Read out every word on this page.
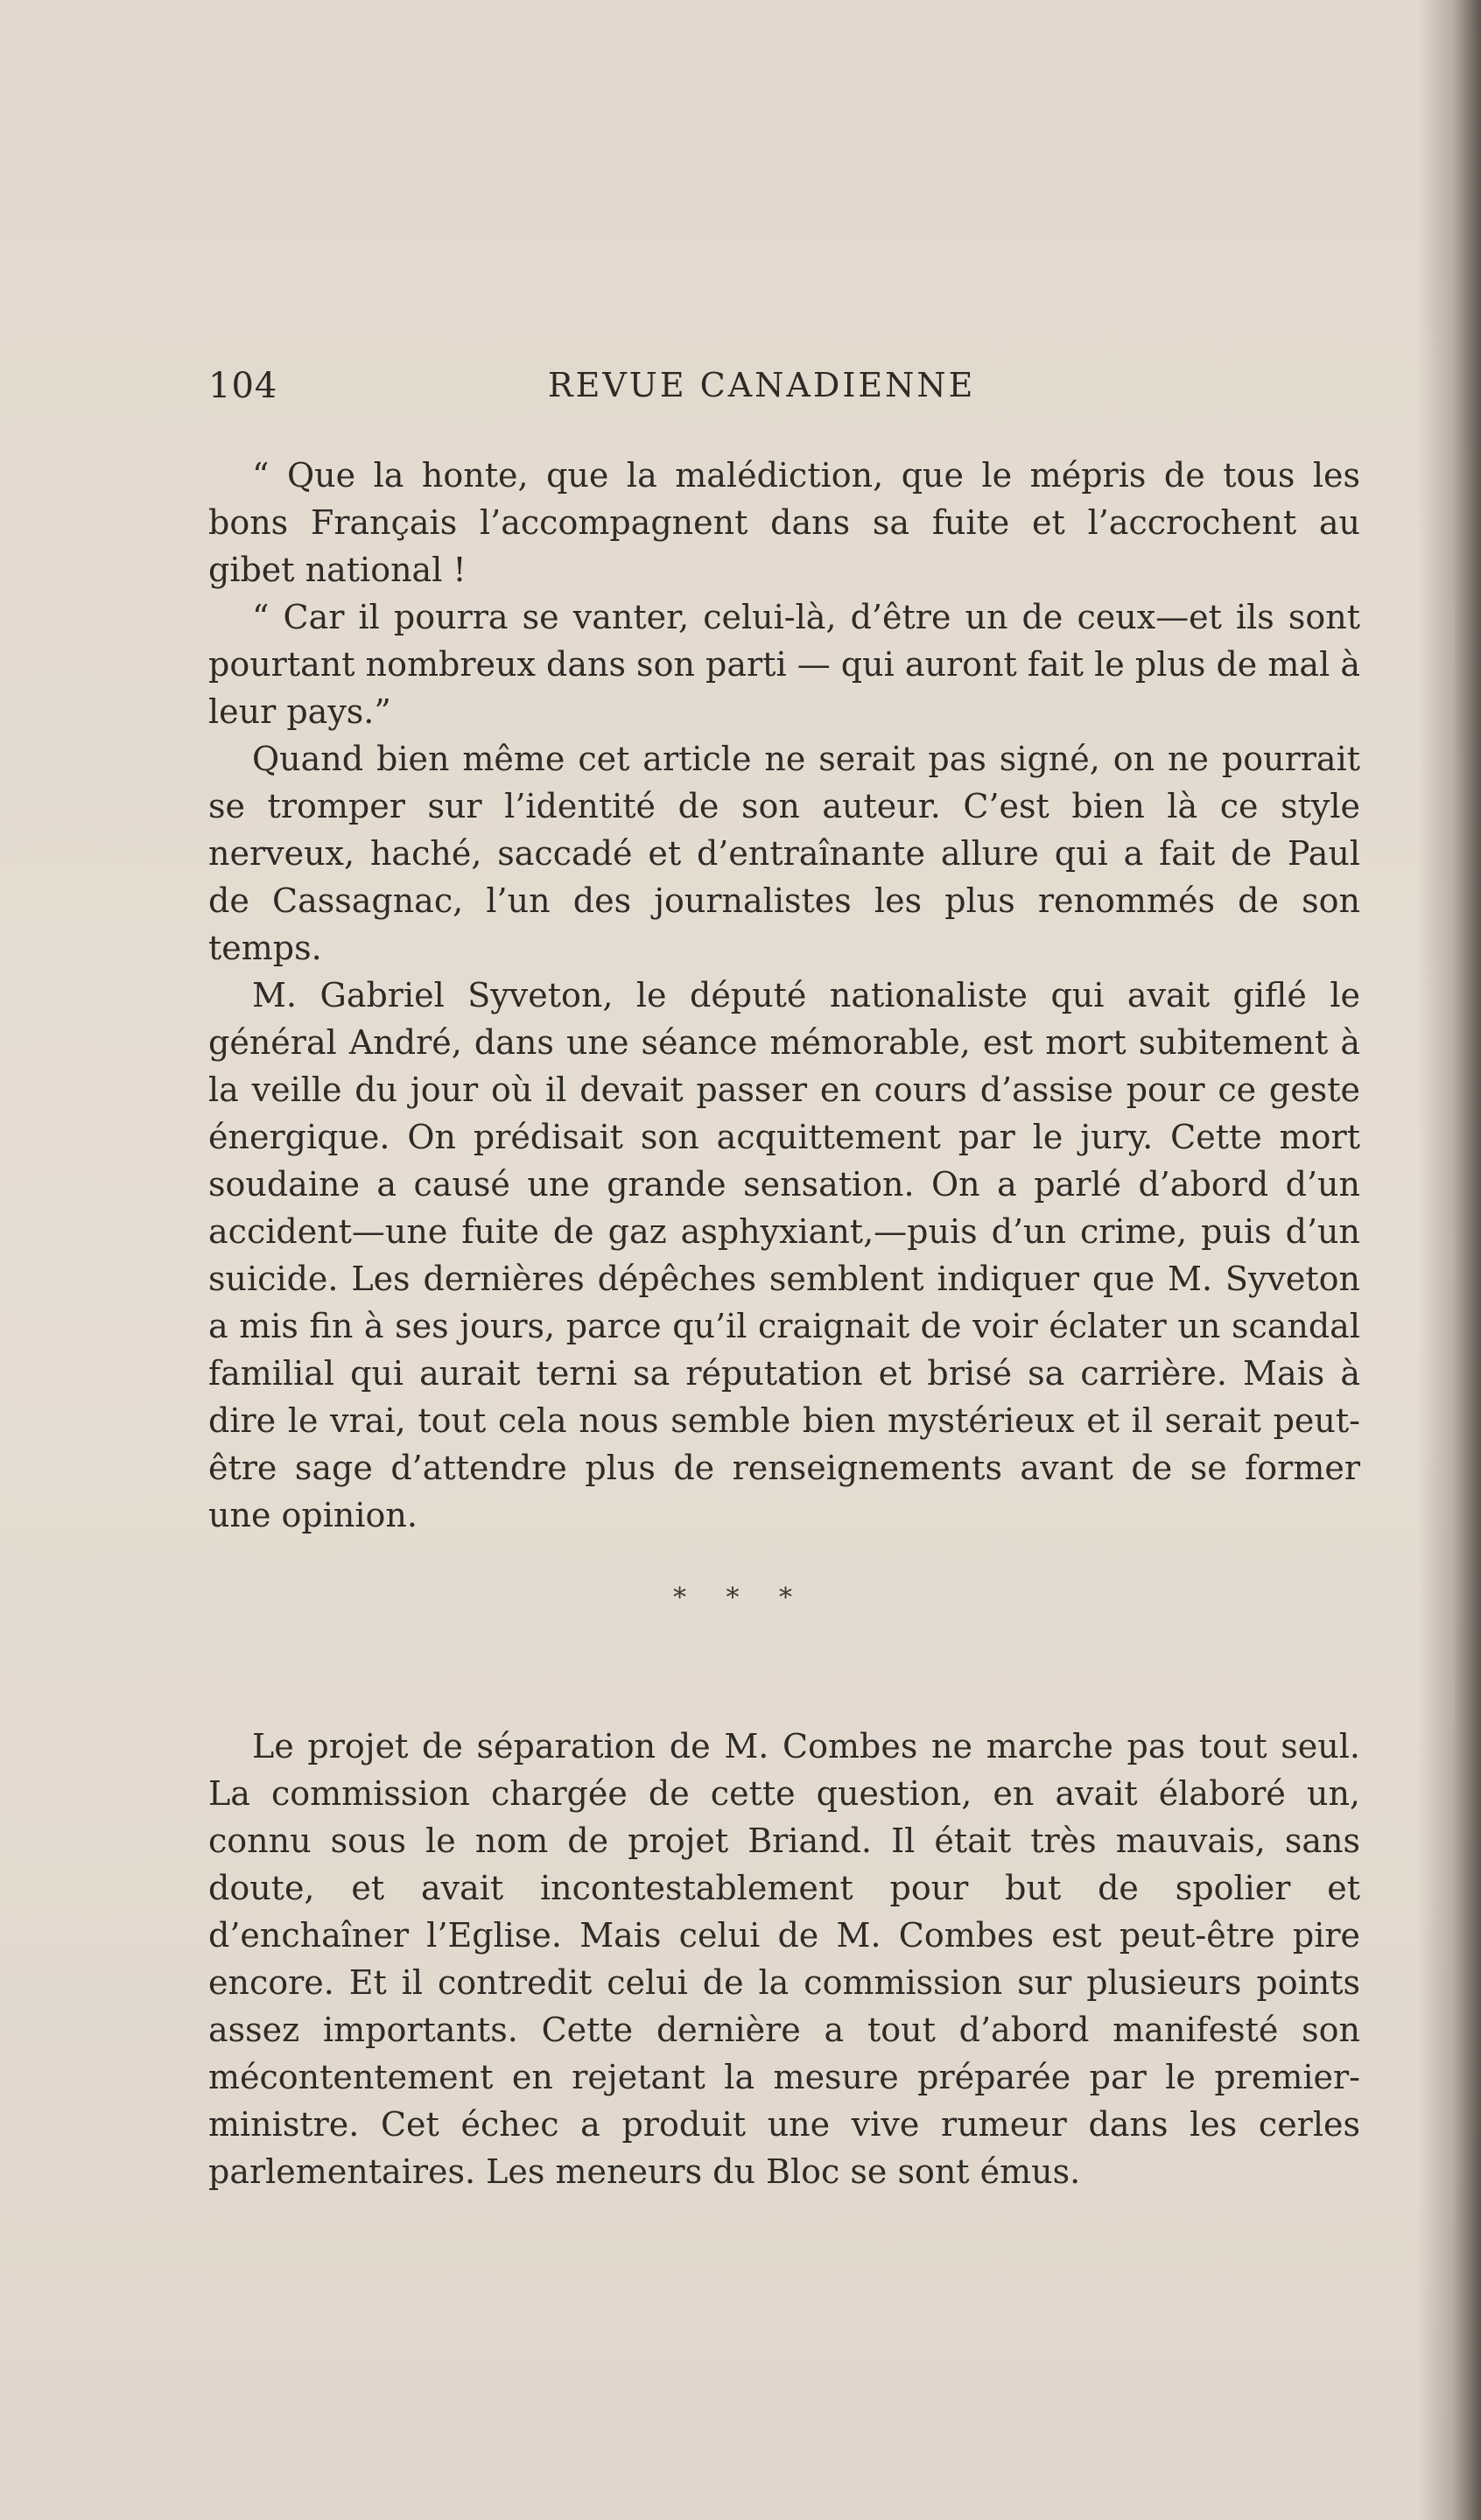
104	REVUE CANADIENNE

“ Que la honte, que la malédiction, que le mépris de tous les bons Français l’accompagnent dans sa fuite et l’accrochent au gibet national !

“ Car il pourra se vanter, celui-là, d’être un de ceux—et ils sont pourtant nombreux dans son parti — qui auront fait le plus de mal à leur pays.”

Quand bien même cet article ne serait pas signé, on ne pourrait se tromper sur l’identité de son auteur. C’est bien là ce style nerveux, haché, saccadé et d’entraînante allure qui a fait de Paul de Cassagnac, l’un des journalistes les plus renommés de son temps.

M. Gabriel Syveton, le député nationaliste qui avait giflé le général André, dans une séance mémorable, est mort subitement à la veille du jour où il devait passer en cours d’assise pour ce geste énergique. On prédisait son acquittement par le jury. Cette mort soudaine a causé une grande sensation. On a parlé d’abord d’un accident—une fuite de gaz asphyxiant,—puis d’un crime, puis d’un suicide. Les dernières dépêches semblent indiquer que M. Syveton a mis fin à ses jours, parce qu’il craignait de voir éclater un scandal familial qui aurait terni sa réputation et brisé sa carrière. Mais à dire le vrai, tout cela nous semble bien mystérieux et il serait peut-être sage d’attendre plus de renseignements avant de se former une opinion.

* * *

Le projet de séparation de M. Combes ne marche pas tout seul. La commission chargée de cette question, en avait élaboré un, connu sous le nom de projet Briand. Il était très mauvais, sans doute, et avait incontestablement pour but de spolier et d’enchaîner l’Eglise. Mais celui de M. Combes est peut-être pire encore. Et il contredit celui de la commission sur plusieurs points assez importants. Cette dernière a tout d’abord manifesté son mécontentement en rejetant la mesure préparée par le premier-ministre. Cet échec a produit une vive rumeur dans les cerles parlementaires. Les meneurs du Bloc se sont émus.
